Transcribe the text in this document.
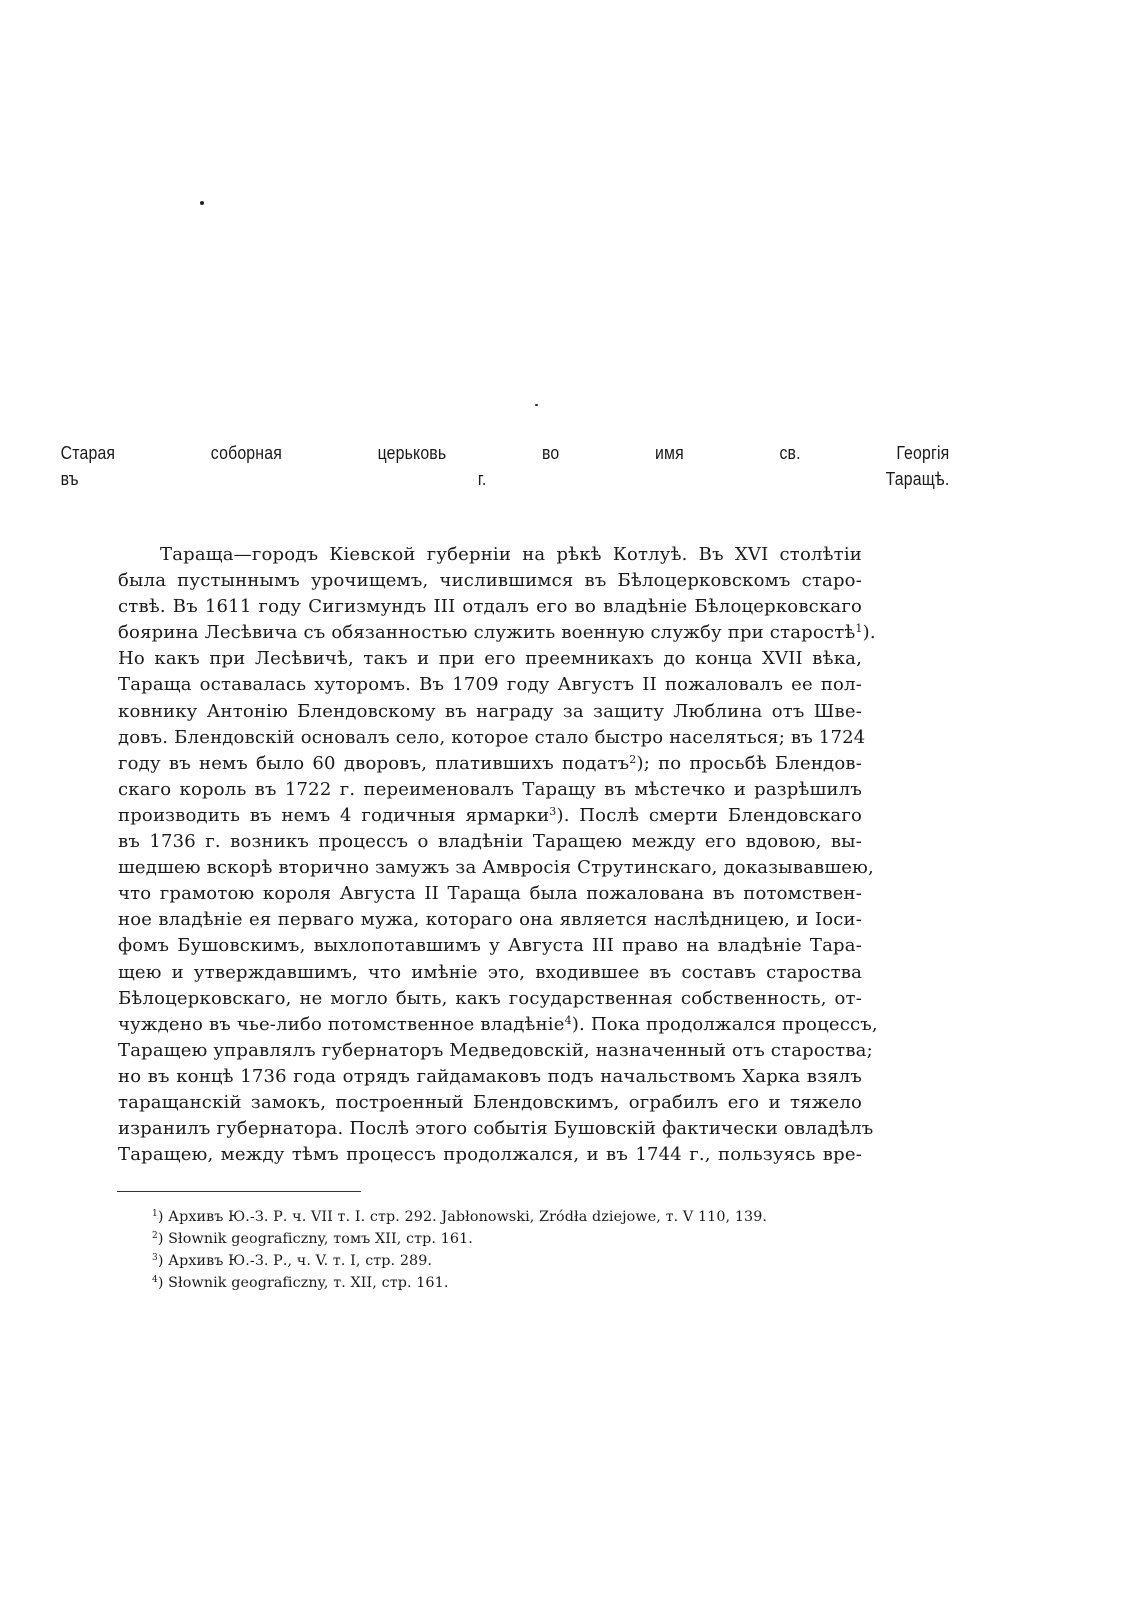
Старая соборная церьковь во имя св. Георгія
въ г. Таращѣ.
Тараща—городъ Кіевской губерніи на рѣкѣ Котлуѣ. Въ XVI столѣтіи
была пустыннымъ урочищемъ, числившимся въ Бѣлоцерковскомъ старо-
ствѣ. Въ 1611 году Сигизмундъ III отдалъ его во владѣніе Бѣлоцерковскаго
боярина Лесѣвича съ обязанностью служить военную службу при старостѣ$^1$).
Но какъ при Лесѣвичѣ, такъ и при его преемникахъ до конца XVII вѣка,
Тараща оставалась хуторомъ. Въ 1709 году Августъ II пожаловалъ ее пол-
ковнику Антонію Блендовскому въ награду за защиту Люблина отъ Шве-
довъ. Блендовскій основалъ село, которое стало быстро населяться; въ 1724
году въ немъ было 60 дворовъ, платившихъ податъ$^2$); по просьбѣ Блендов-
скаго король въ 1722 г. переименовалъ Таращу въ мѣстечко и разрѣшилъ
производить въ немъ 4 годичныя ярмарки$^3$). Послѣ смерти Блендовскаго
въ 1736 г. возникъ процессъ о владѣніи Таращею между его вдовою, вы-
шедшею вскорѣ вторично замужъ за Амвросія Струтинскаго, доказывавшею,
что грамотою короля Августа II Тараща была пожалована въ потомствен-
ное владѣніе ея перваго мужа, котораго она является наслѣдницею, и Іоси-
фомъ Бушовскимъ, выхлопотавшимъ у Августа III право на владѣніе Тара-
щею и утверждавшимъ, что имѣніе это, входившее въ составъ староства
Бѣлоцерковскаго, не могло быть, какъ государственная собственность, от-
чуждено въ чье-либо потомственное владѣніе$^4$). Пока продолжался процессъ,
Таращею управлялъ губернаторъ Медведовскій, назначенный отъ староства;
но въ концѣ 1736 года отрядъ гайдамаковъ подъ начальствомъ Харка взялъ
таращанскій замокъ, построенный Блендовскимъ, ограбилъ его и тяжело
изранилъ губернатора. Послѣ этого событія Бушовскій фактически овладѣлъ
Таращею, между тѣмъ процессъ продолжался, и въ 1744 г., пользуясь вре-
$^1$) Архивъ Ю.-З. Р. ч. VII т. I. стр. 292. Jabłonowski, Zródła dziejowe, т. V 110, 139.
$^2$) Słownik geograficzny, томъ XII, стр. 161.
$^3$) Архивъ Ю.-З. Р., ч. V. т. I, стр. 289.
$^4$) Słownik geograficzny, т. XII, стр. 161.
